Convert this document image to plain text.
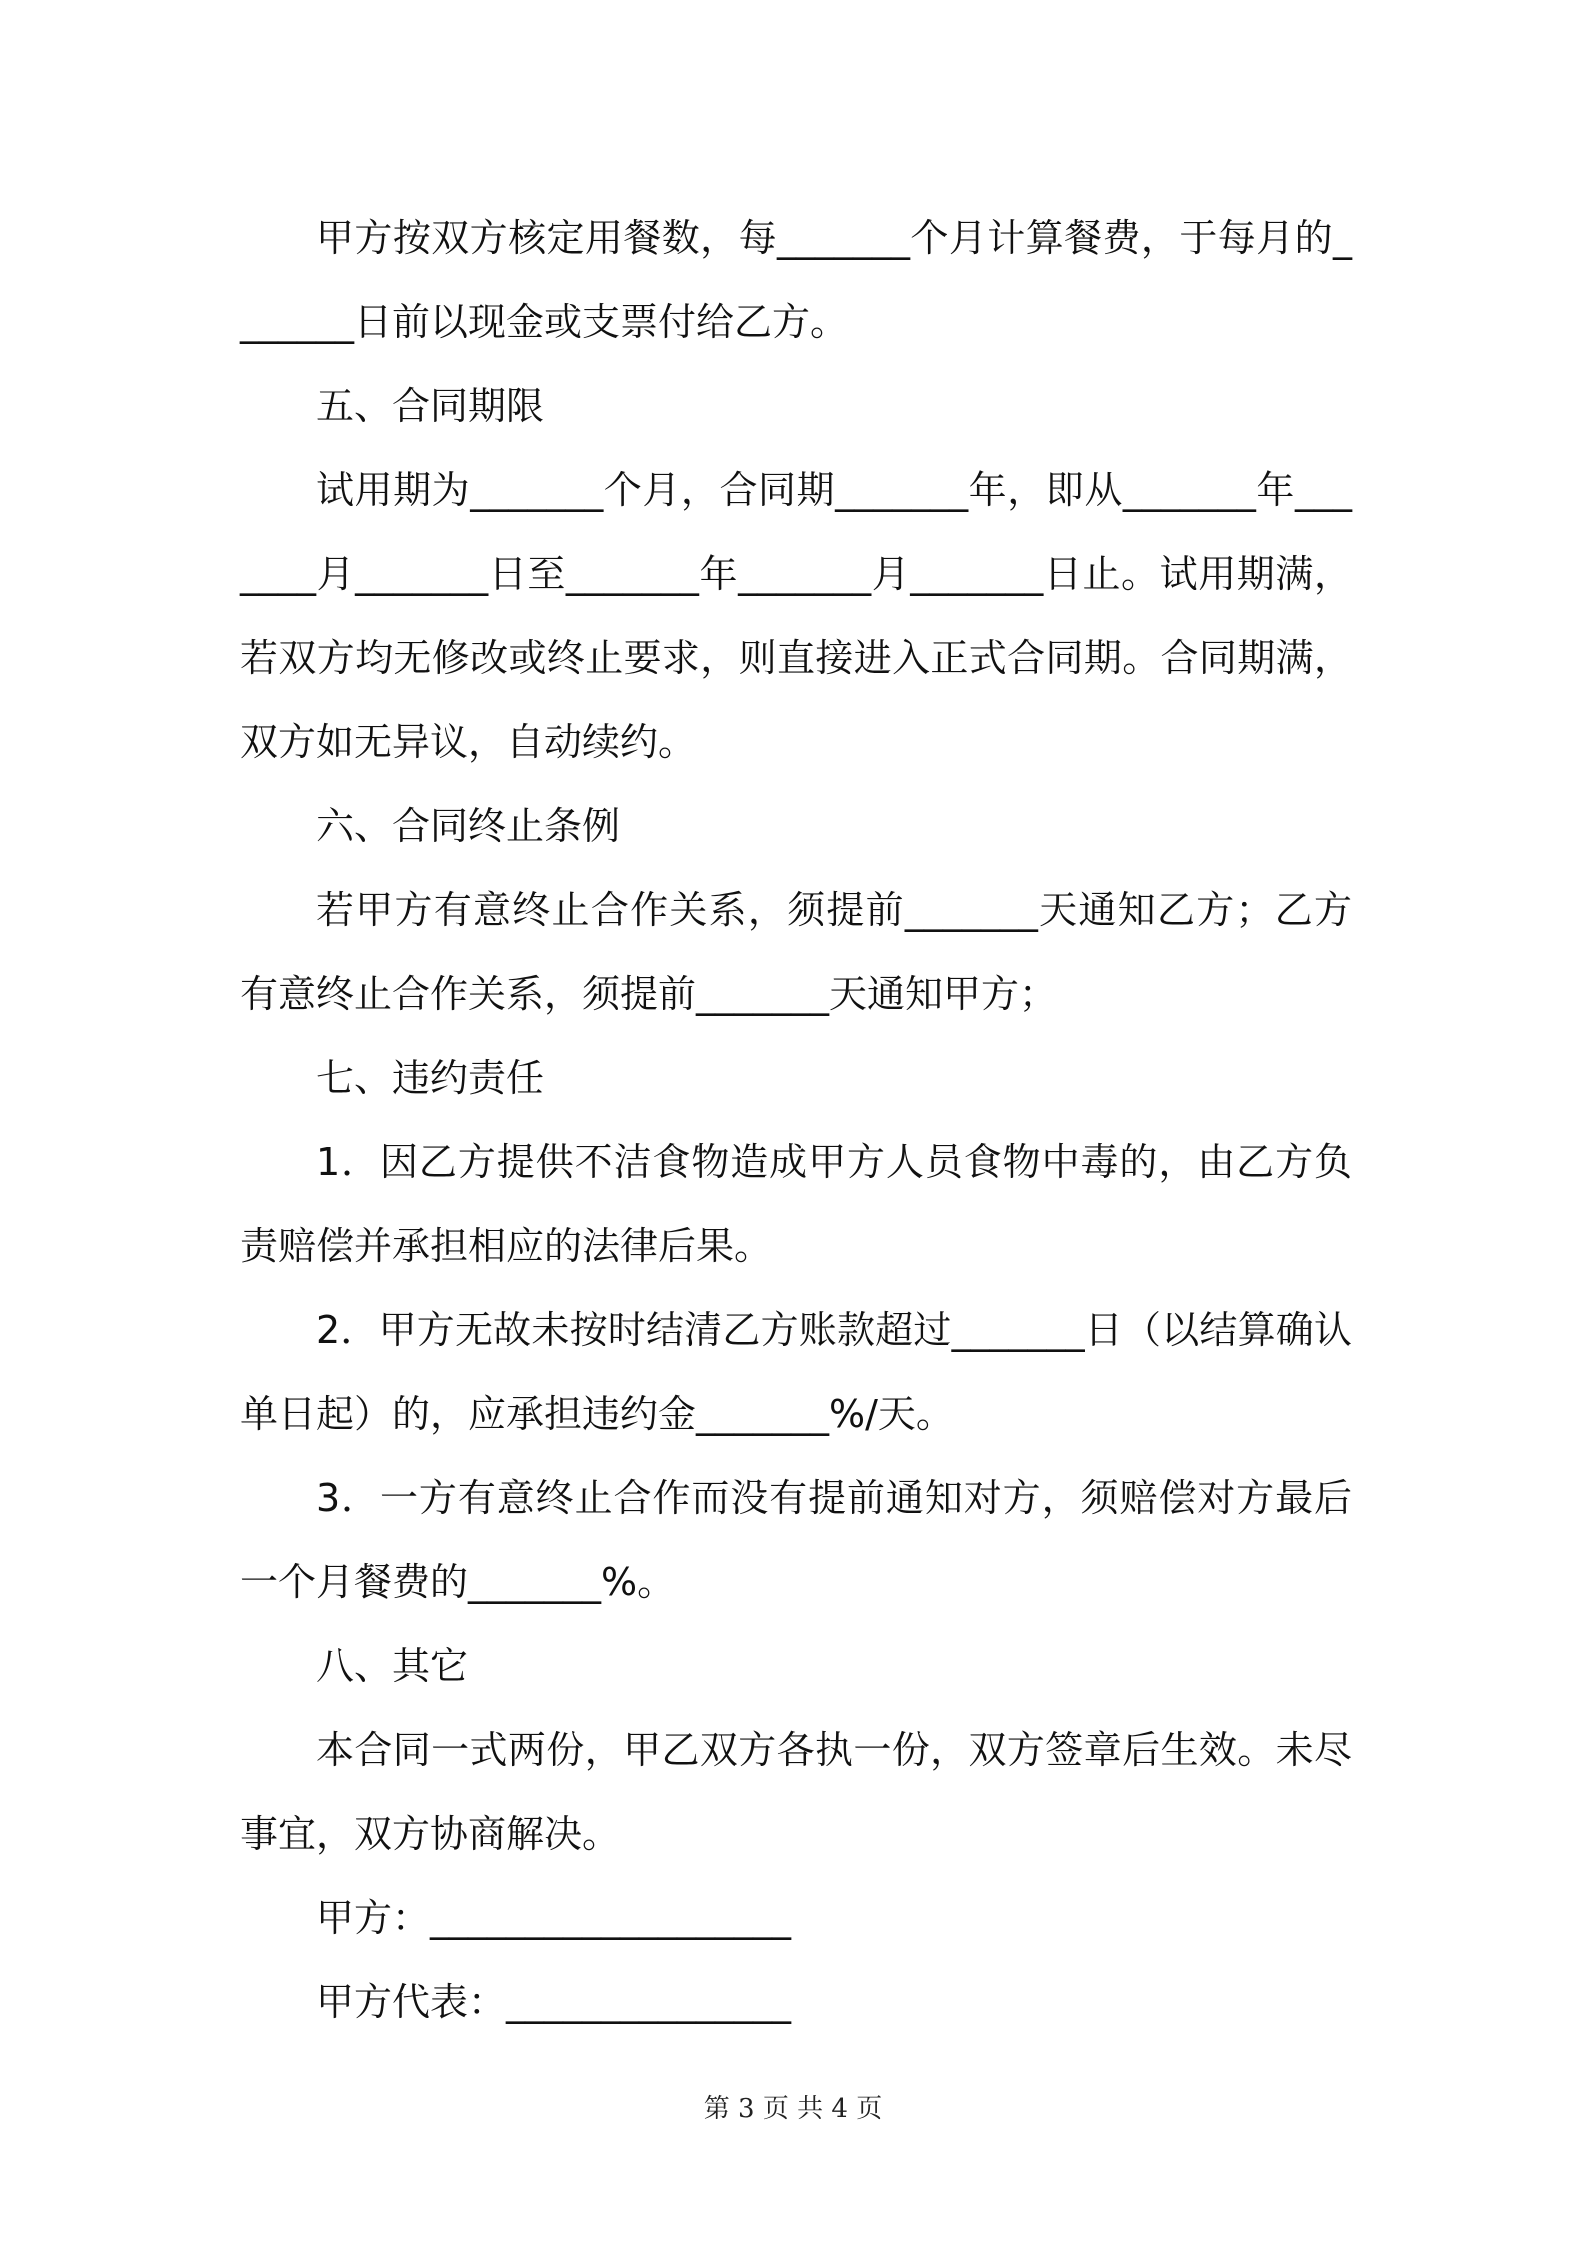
甲方按双方核定用餐数，每_______个月计算餐费，于每月的_______日前以现金或支票付给乙方。

五、合同期限

试用期为_______个月，合同期_______年，即从_______年_______月_______日至_______年_______月_______日止。试用期满，若双方均无修改或终止要求，则直接进入正式合同期。合同期满，双方如无异议，自动续约。

六、合同终止条例

若甲方有意终止合作关系，须提前_______天通知乙方；乙方有意终止合作关系，须提前_______天通知甲方；

七、违约责任

1．因乙方提供不洁食物造成甲方人员食物中毒的，由乙方负责赔偿并承担相应的法律后果。

2．甲方无故未按时结清乙方账款超过_______日（以结算确认单日起）的，应承担违约金_______%/天。

3．一方有意终止合作而没有提前通知对方，须赔偿对方最后一个月餐费的_______%。

八、其它

本合同一式两份，甲乙双方各执一份，双方签章后生效。未尽事宜，双方协商解决。

甲方：___________________

甲方代表：_______________

第 3 页 共 4 页
